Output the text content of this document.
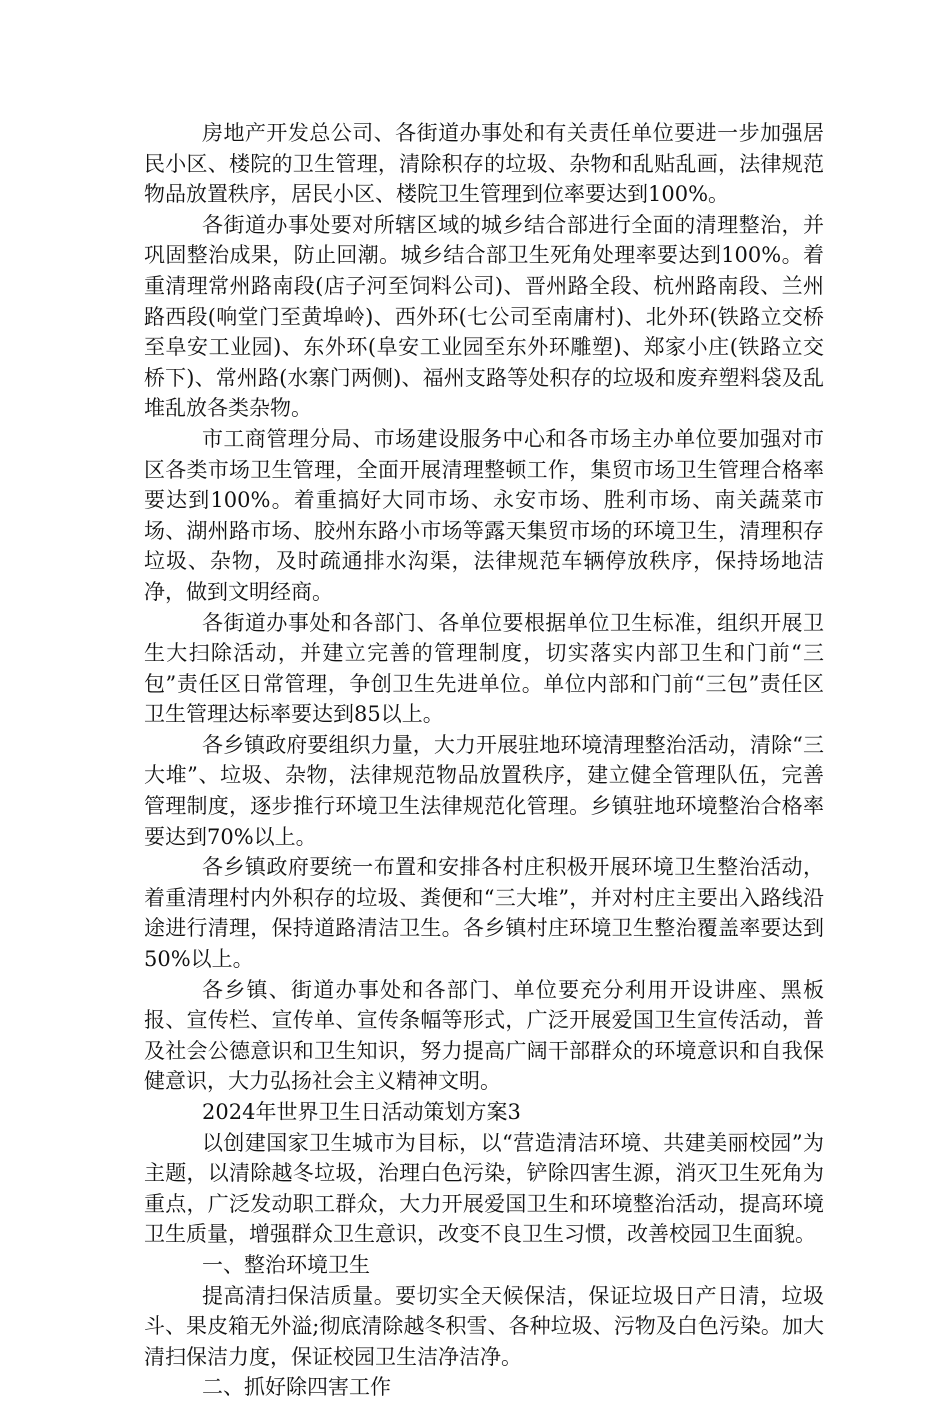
房地产开发总公司、各街道办事处和有关责任单位要进一步加强居民小区、楼院的卫生管理，清除积存的垃圾、杂物和乱贴乱画，法律规范物品放置秩序，居民小区、楼院卫生管理到位率要达到100%。

各街道办事处要对所辖区域的城乡结合部进行全面的清理整治，并巩固整治成果，防止回潮。城乡结合部卫生死角处理率要达到100%。着重清理常州路南段(店子河至饲料公司)、晋州路全段、杭州路南段、兰州路西段(响堂门至黄埠岭)、西外环(七公司至南庸村)、北外环(铁路立交桥至阜安工业园)、东外环(阜安工业园至东外环雕塑)、郑家小庄(铁路立交桥下)、常州路(水寨门两侧)、福州支路等处积存的垃圾和废弃塑料袋及乱堆乱放各类杂物。

市工商管理分局、市场建设服务中心和各市场主办单位要加强对市区各类市场卫生管理，全面开展清理整顿工作，集贸市场卫生管理合格率要达到100%。着重搞好大同市场、永安市场、胜利市场、南关蔬菜市场、湖州路市场、胶州东路小市场等露天集贸市场的环境卫生，清理积存垃圾、杂物，及时疏通排水沟渠，法律规范车辆停放秩序，保持场地洁净，做到文明经商。

各街道办事处和各部门、各单位要根据单位卫生标准，组织开展卫生大扫除活动，并建立完善的管理制度，切实落实内部卫生和门前“三包”责任区日常管理，争创卫生先进单位。单位内部和门前“三包”责任区卫生管理达标率要达到85以上。

各乡镇政府要组织力量，大力开展驻地环境清理整治活动，清除“三大堆”、垃圾、杂物，法律规范物品放置秩序，建立健全管理队伍，完善管理制度，逐步推行环境卫生法律规范化管理。乡镇驻地环境整治合格率要达到70%以上。

各乡镇政府要统一布置和安排各村庄积极开展环境卫生整治活动，着重清理村内外积存的垃圾、粪便和“三大堆”，并对村庄主要出入路线沿途进行清理，保持道路清洁卫生。各乡镇村庄环境卫生整治覆盖率要达到50%以上。

各乡镇、街道办事处和各部门、单位要充分利用开设讲座、黑板报、宣传栏、宣传单、宣传条幅等形式，广泛开展爱国卫生宣传活动，普及社会公德意识和卫生知识，努力提高广阔干部群众的环境意识和自我保健意识，大力弘扬社会主义精神文明。

2024年世界卫生日活动策划方案3

以创建国家卫生城市为目标，以“营造清洁环境、共建美丽校园”为主题，以清除越冬垃圾，治理白色污染，铲除四害生源，消灭卫生死角为重点，广泛发动职工群众，大力开展爱国卫生和环境整治活动，提高环境卫生质量，增强群众卫生意识，改变不良卫生习惯，改善校园卫生面貌。

一、整治环境卫生

提高清扫保洁质量。要切实全天候保洁，保证垃圾日产日清，垃圾斗、果皮箱无外溢;彻底清除越冬积雪、各种垃圾、污物及白色污染。加大清扫保洁力度，保证校园卫生洁净洁净。

二、抓好除四害工作
